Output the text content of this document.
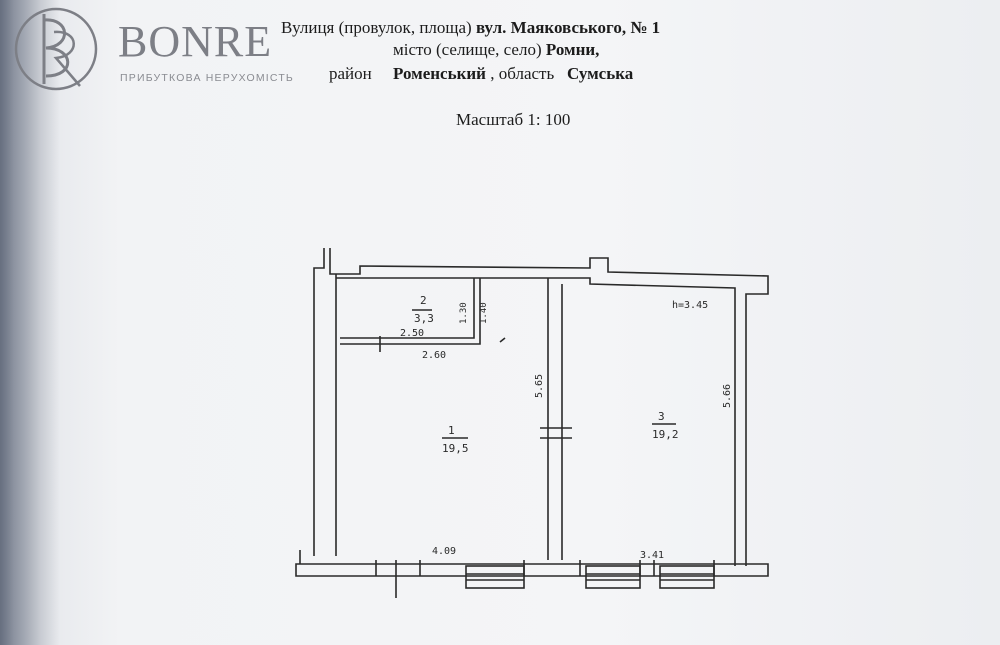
BONRE
ПРИБУТКОВА НЕРУХОМІСТЬ
Вулиця (провулок, площа) вул. Маяковського, № 1
місто (селище, село) Ромни,
район Роменський , область Сумська
Масштаб 1: 100
2
3,3
1
19,5
3
19,2
2.50
2.60
1.30 1.40
5.65	5.66
4.09	3.41
h=3.45
